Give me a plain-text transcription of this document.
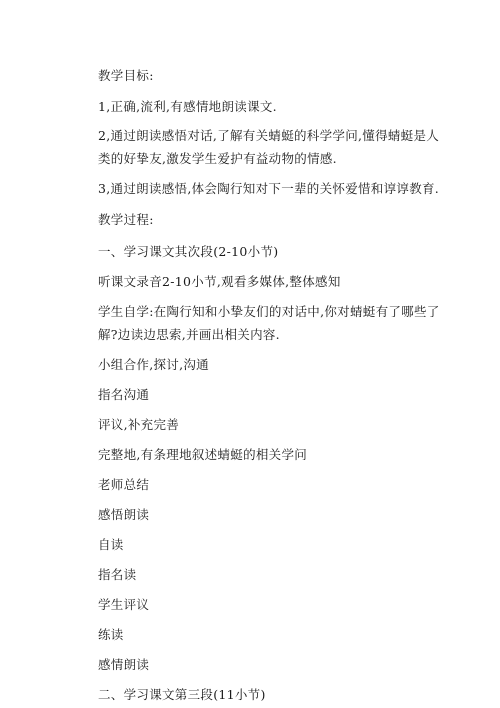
教学目标:
1,正确,流利,有感情地朗读课文.
2,通过朗读感悟对话,了解有关蜻蜓的科学学问,懂得蜻蜓是人类的好挚友,激发学生爱护有益动物的情感.
3,通过朗读感悟,体会陶行知对下一辈的关怀爱惜和谆谆教育.
教学过程:
一、学习课文其次段(2-10小节)
听课文录音2-10小节,观看多媒体,整体感知
学生自学:在陶行知和小挚友们的对话中,你对蜻蜓有了哪些了解?边读边思索,并画出相关内容.
小组合作,探讨,沟通
指名沟通
评议,补充完善
完整地,有条理地叙述蜻蜓的相关学问
老师总结
感悟朗读
自读
指名读
学生评议
练读
感情朗读
二、学习课文第三段(11小节)
